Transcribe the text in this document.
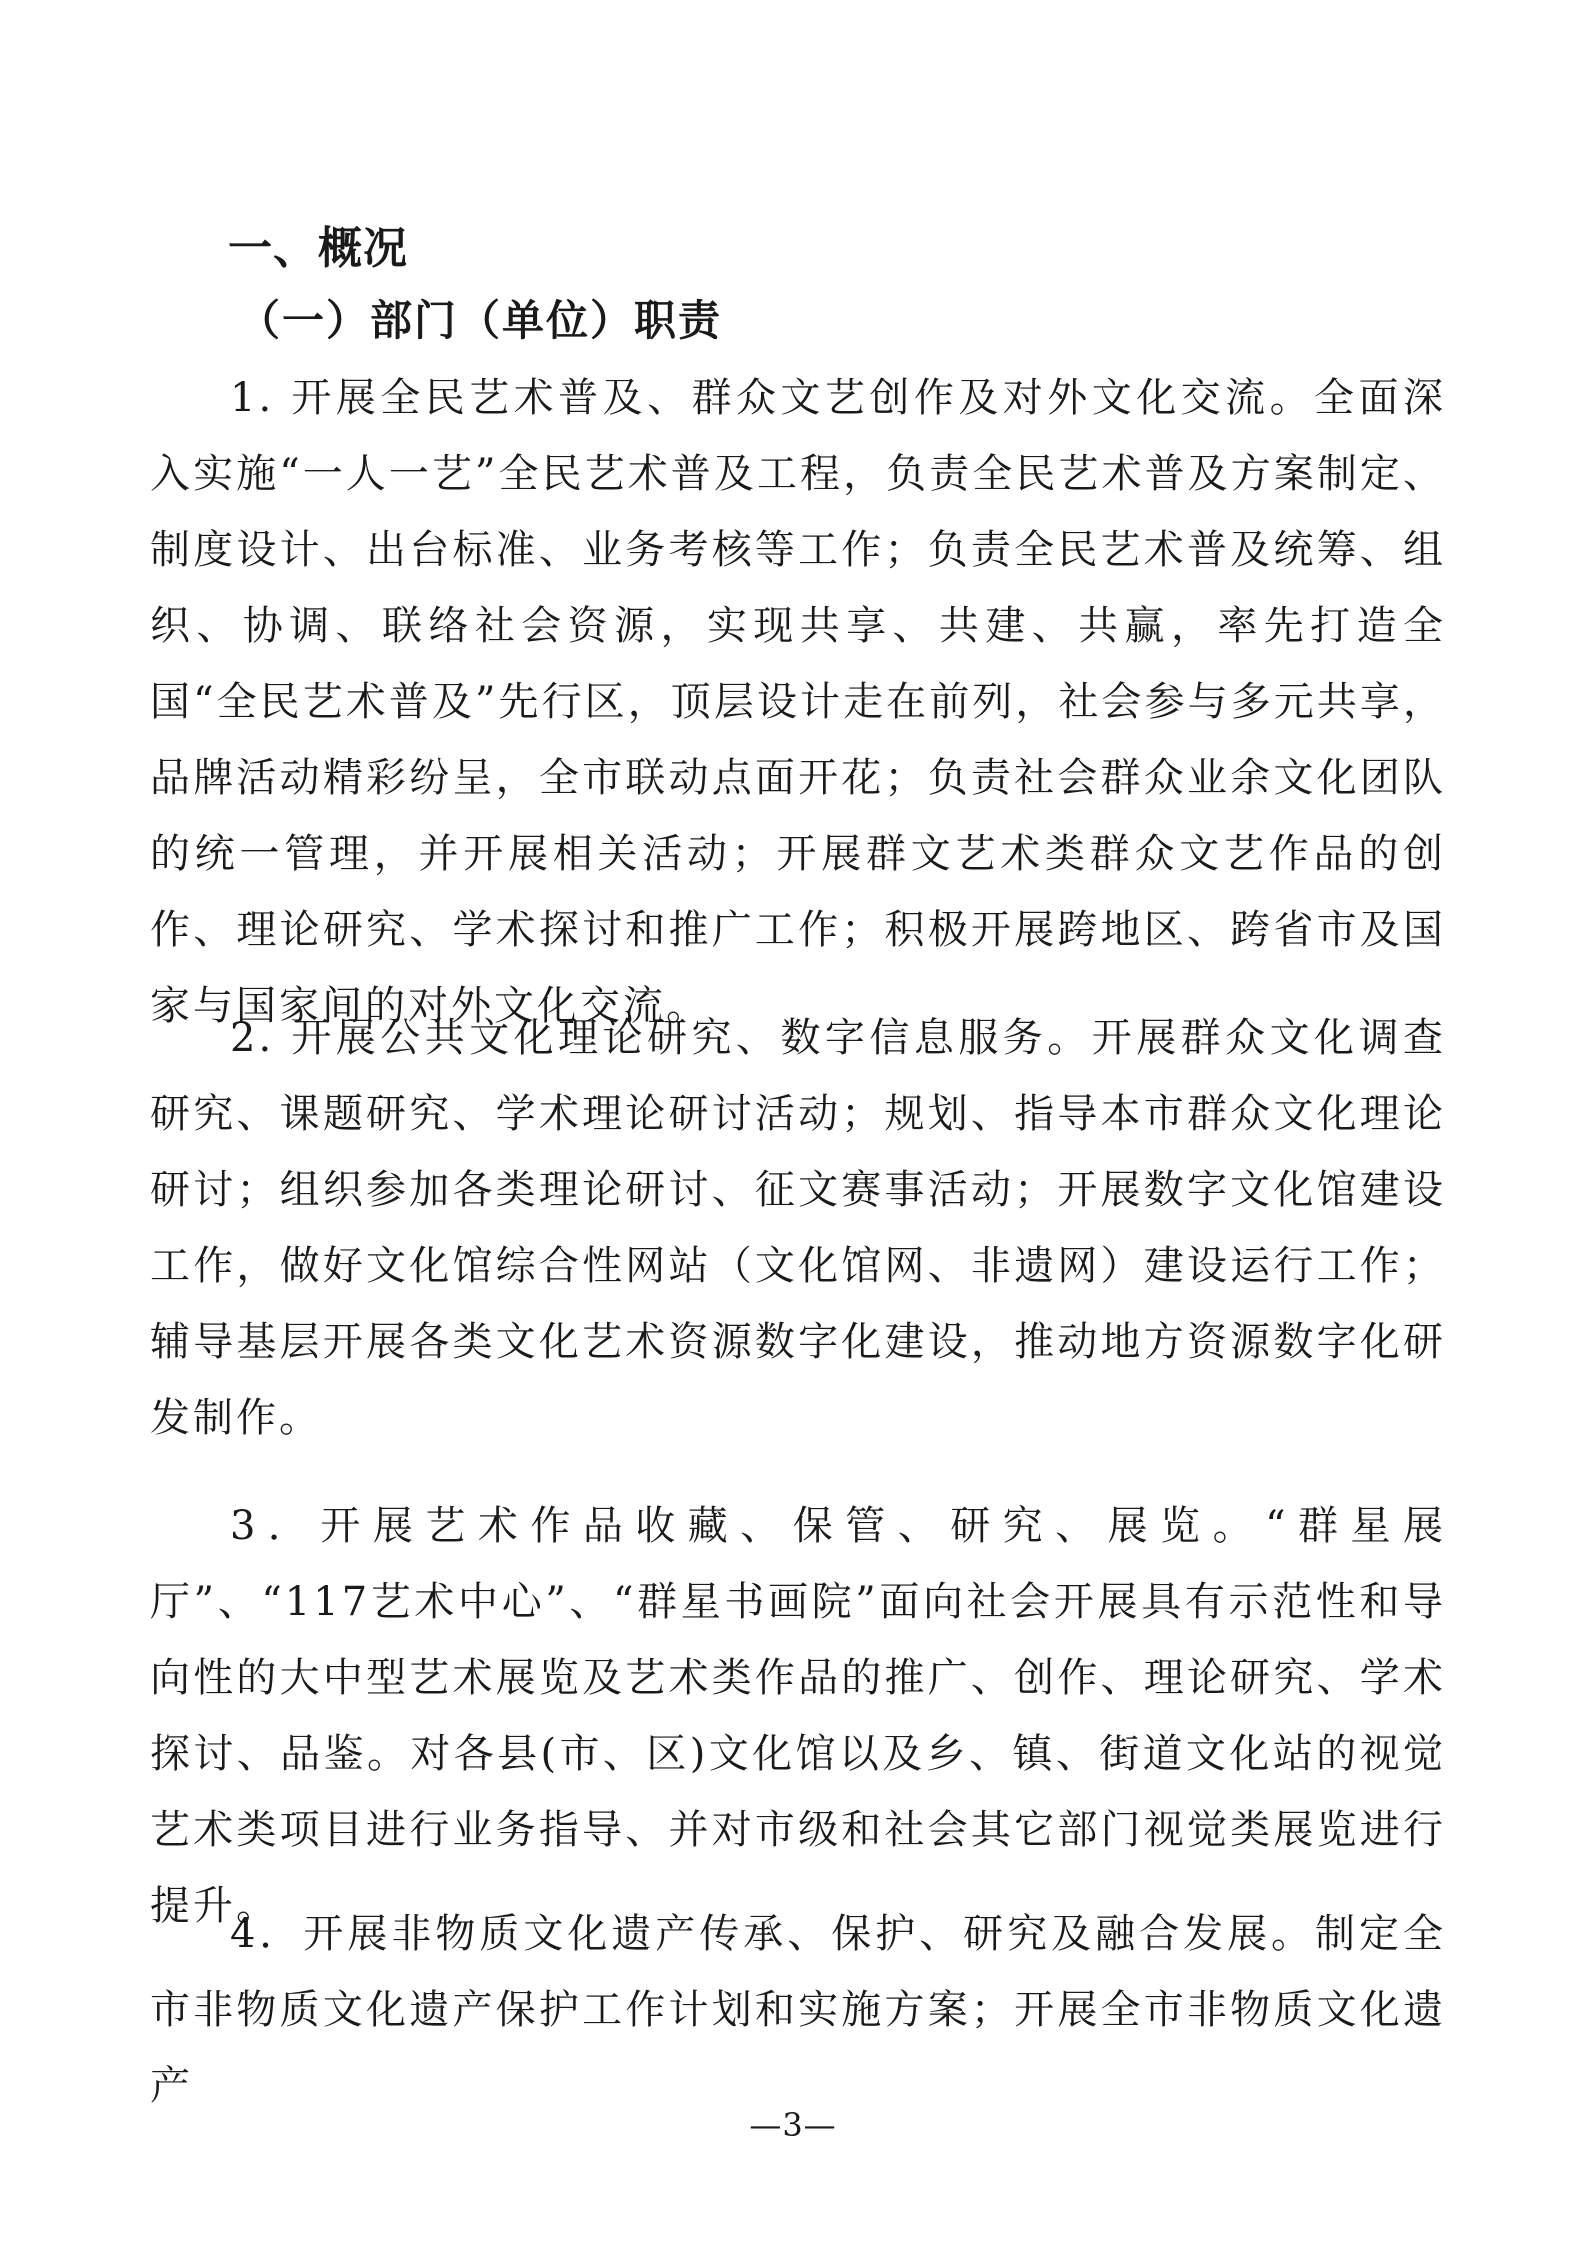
一、概况
（一）部门（单位）职责

1. 开展全民艺术普及、群众文艺创作及对外文化交流。全面深入实施“一人一艺”全民艺术普及工程，负责全民艺术普及方案制定、制度设计、出台标准、业务考核等工作；负责全民艺术普及统筹、组织、协调、联络社会资源，实现共享、共建、共赢，率先打造全国“全民艺术普及”先行区，顶层设计走在前列，社会参与多元共享，品牌活动精彩纷呈，全市联动点面开花；负责社会群众业余文化团队的统一管理，并开展相关活动；开展群文艺术类群众文艺作品的创作、理论研究、学术探讨和推广工作；积极开展跨地区、跨省市及国家与国家间的对外文化交流。

2. 开展公共文化理论研究、数字信息服务。开展群众文化调查研究、课题研究、学术理论研讨活动；规划、指导本市群众文化理论研讨；组织参加各类理论研讨、征文赛事活动；开展数字文化馆建设工作，做好文化馆综合性网站（文化馆网、非遗网）建设运行工作；辅导基层开展各类文化艺术资源数字化建设，推动地方资源数字化研发制作。

3．开展艺术作品收藏、保管、研究、展览。“群星展厅”、“117艺术中心”、“群星书画院”面向社会开展具有示范性和导向性的大中型艺术展览及艺术类作品的推广、创作、理论研究、学术探讨、品鉴。对各县(市、区)文化馆以及乡、镇、街道文化站的视觉艺术类项目进行业务指导、并对市级和社会其它部门视觉类展览进行提升。

4．开展非物质文化遗产传承、保护、研究及融合发展。制定全市非物质文化遗产保护工作计划和实施方案；开展全市非物质文化遗产

—3—
